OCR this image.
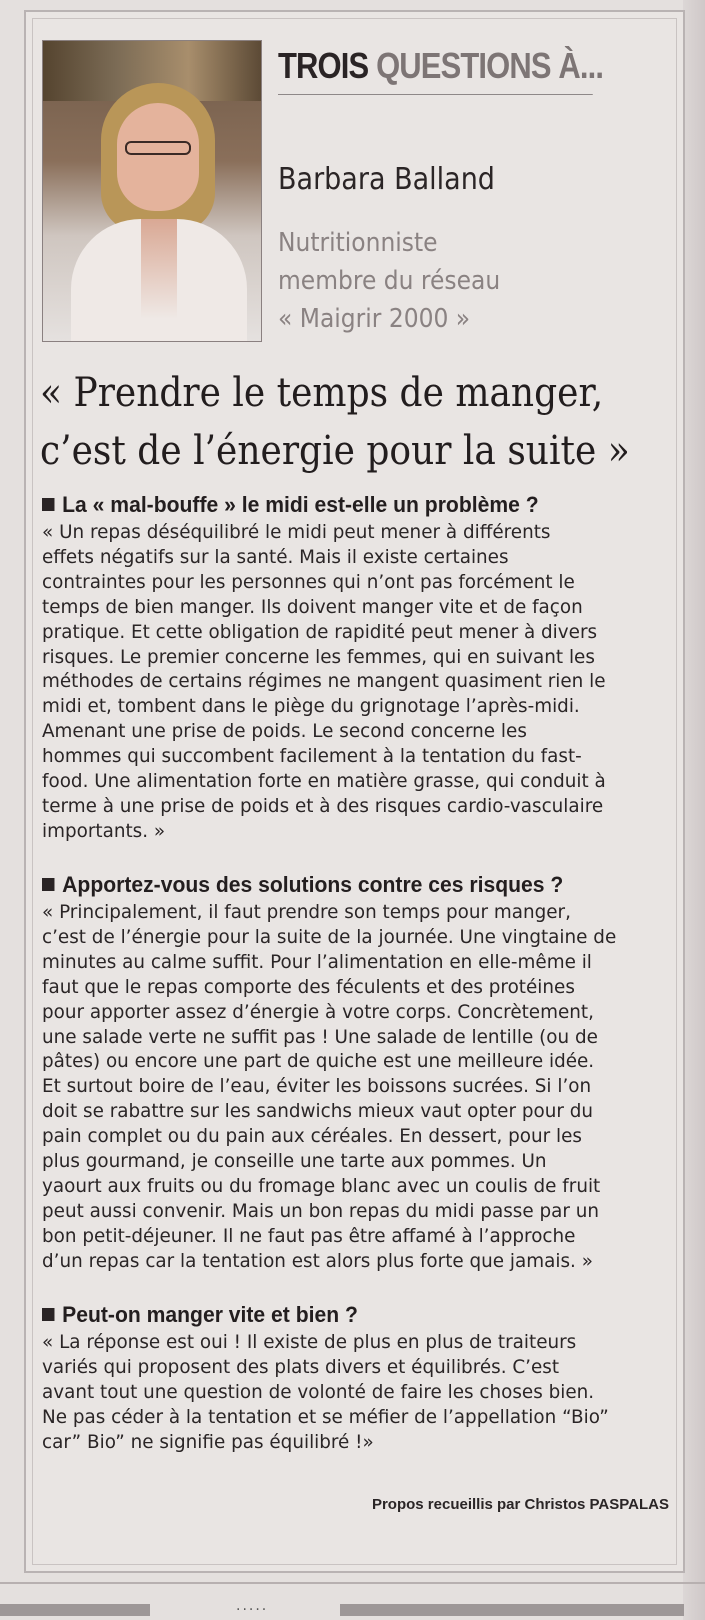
TROIS QUESTIONS À...
Barbara Balland
Nutritionniste
membre du réseau
« Maigrir 2000 »
« Prendre le temps de manger,
c’est de l’énergie pour la suite »
La « mal-bouffe » le midi est-elle un problème ?
« Un repas déséquilibré le midi peut mener à différents
effets négatifs sur la santé. Mais il existe certaines
contraintes pour les personnes qui n’ont pas forcément le
temps de bien manger. Ils doivent manger vite et de façon
pratique. Et cette obligation de rapidité peut mener à divers
risques. Le premier concerne les femmes, qui en suivant les
méthodes de certains régimes ne mangent quasiment rien le
midi et, tombent dans le piège du grignotage l’après-midi.
Amenant une prise de poids. Le second concerne les
hommes qui succombent facilement à la tentation du fast-
food. Une alimentation forte en matière grasse, qui conduit à
terme à une prise de poids et à des risques cardio-vasculaire
importants. »
Apportez-vous des solutions contre ces risques ?
« Principalement, il faut prendre son temps pour manger,
c’est de l’énergie pour la suite de la journée. Une vingtaine de
minutes au calme suffit. Pour l’alimentation en elle-même il
faut que le repas comporte des féculents et des protéines
pour apporter assez d’énergie à votre corps. Concrètement,
une salade verte ne suffit pas ! Une salade de lentille (ou de
pâtes) ou encore une part de quiche est une meilleure idée.
Et surtout boire de l’eau, éviter les boissons sucrées. Si l’on
doit se rabattre sur les sandwichs mieux vaut opter pour du
pain complet ou du pain aux céréales. En dessert, pour les
plus gourmand, je conseille une tarte aux pommes. Un
yaourt aux fruits ou du fromage blanc avec un coulis de fruit
peut aussi convenir. Mais un bon repas du midi passe par un
bon petit-déjeuner. Il ne faut pas être affamé à l’approche
d’un repas car la tentation est alors plus forte que jamais. »
Peut-on manger vite et bien ?
« La réponse est oui ! Il existe de plus en plus de traiteurs
variés qui proposent des plats divers et équilibrés. C’est
avant tout une question de volonté de faire les choses bien.
Ne pas céder à la tentation et se méfier de l’appellation “Bio”
car” Bio” ne signifie pas équilibré !»
Propos recueillis par Christos PASPALAS
.....
